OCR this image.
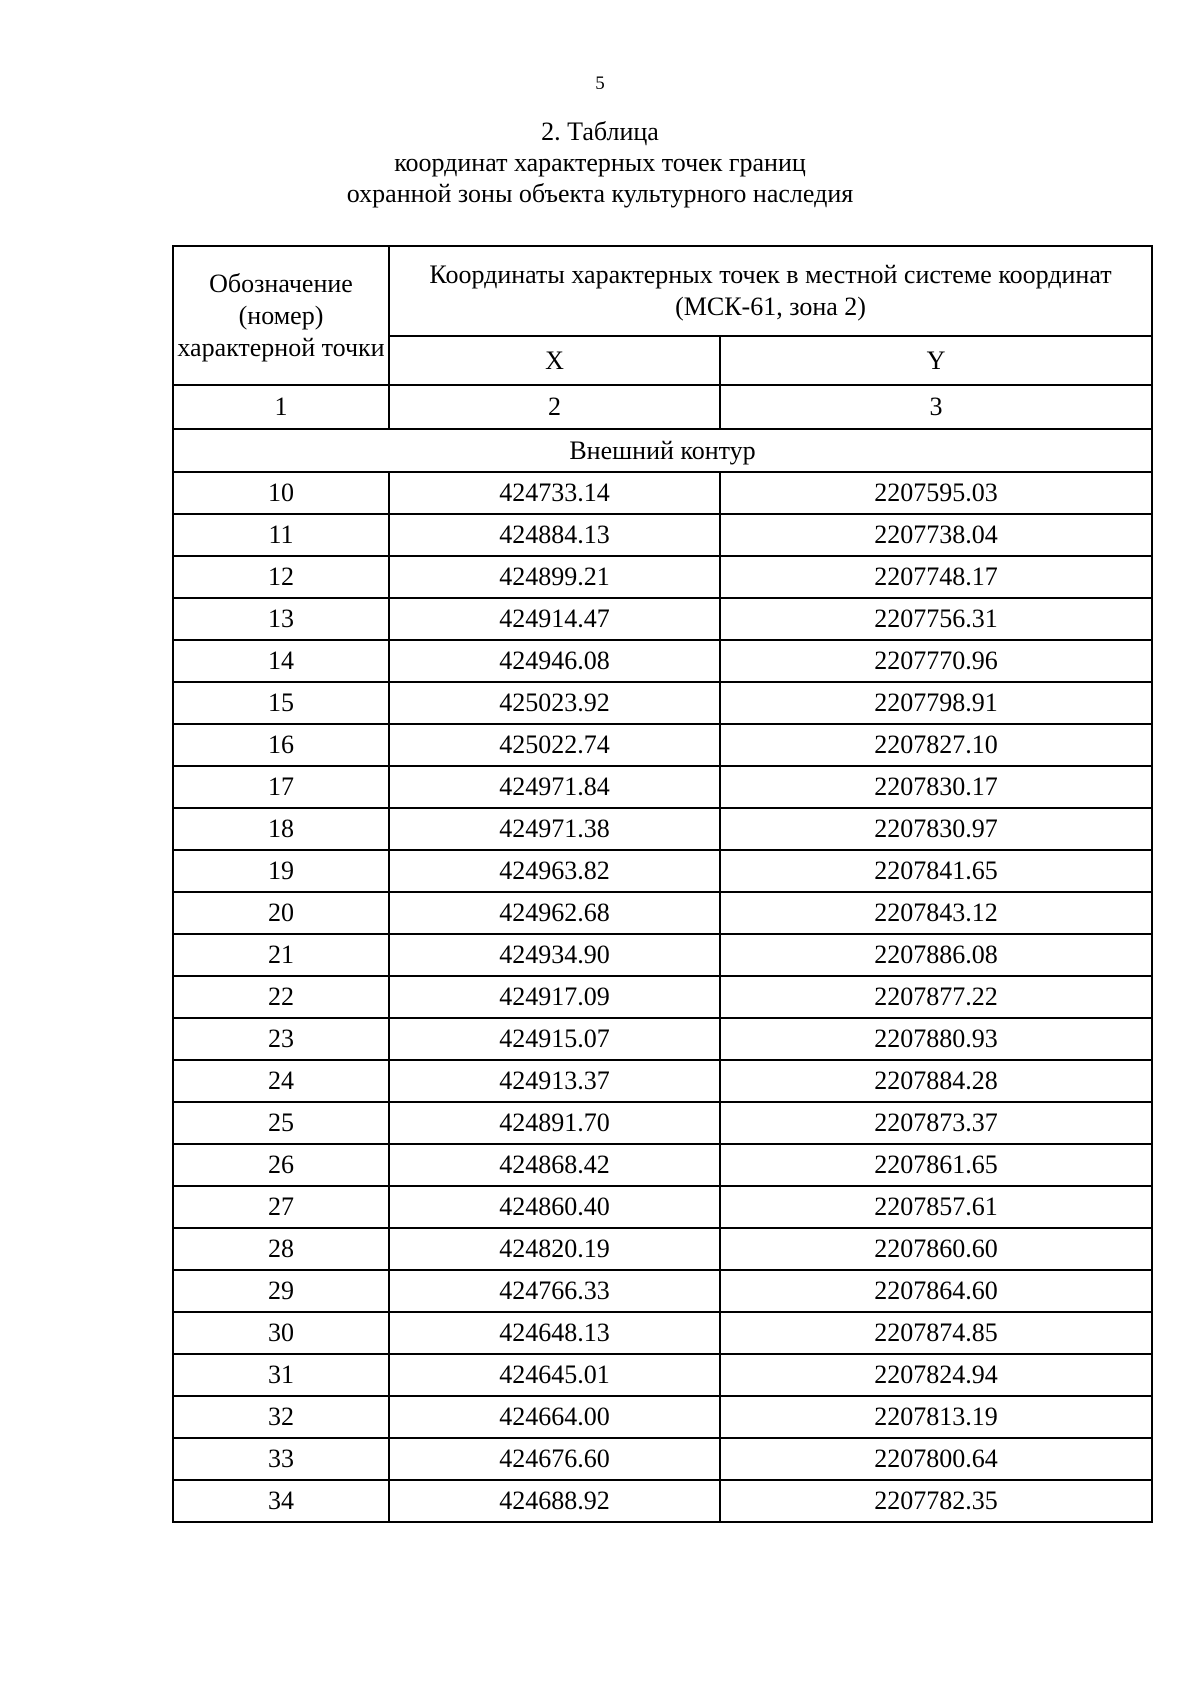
5
2. Таблица
координат характерных точек границ
охранной зоны объекта культурного наследия
Обозначение (номер) характерной точки	Координаты характерных точек в местной системе координат (МСК-61, зона 2)	
	X	Y
1	2	3
Внешний контур		
10	424733.14	2207595.03
11	424884.13	2207738.04
12	424899.21	2207748.17
13	424914.47	2207756.31
14	424946.08	2207770.96
15	425023.92	2207798.91
16	425022.74	2207827.10
17	424971.84	2207830.17
18	424971.38	2207830.97
19	424963.82	2207841.65
20	424962.68	2207843.12
21	424934.90	2207886.08
22	424917.09	2207877.22
23	424915.07	2207880.93
24	424913.37	2207884.28
25	424891.70	2207873.37
26	424868.42	2207861.65
27	424860.40	2207857.61
28	424820.19	2207860.60
29	424766.33	2207864.60
30	424648.13	2207874.85
31	424645.01	2207824.94
32	424664.00	2207813.19
33	424676.60	2207800.64
34	424688.92	2207782.35
